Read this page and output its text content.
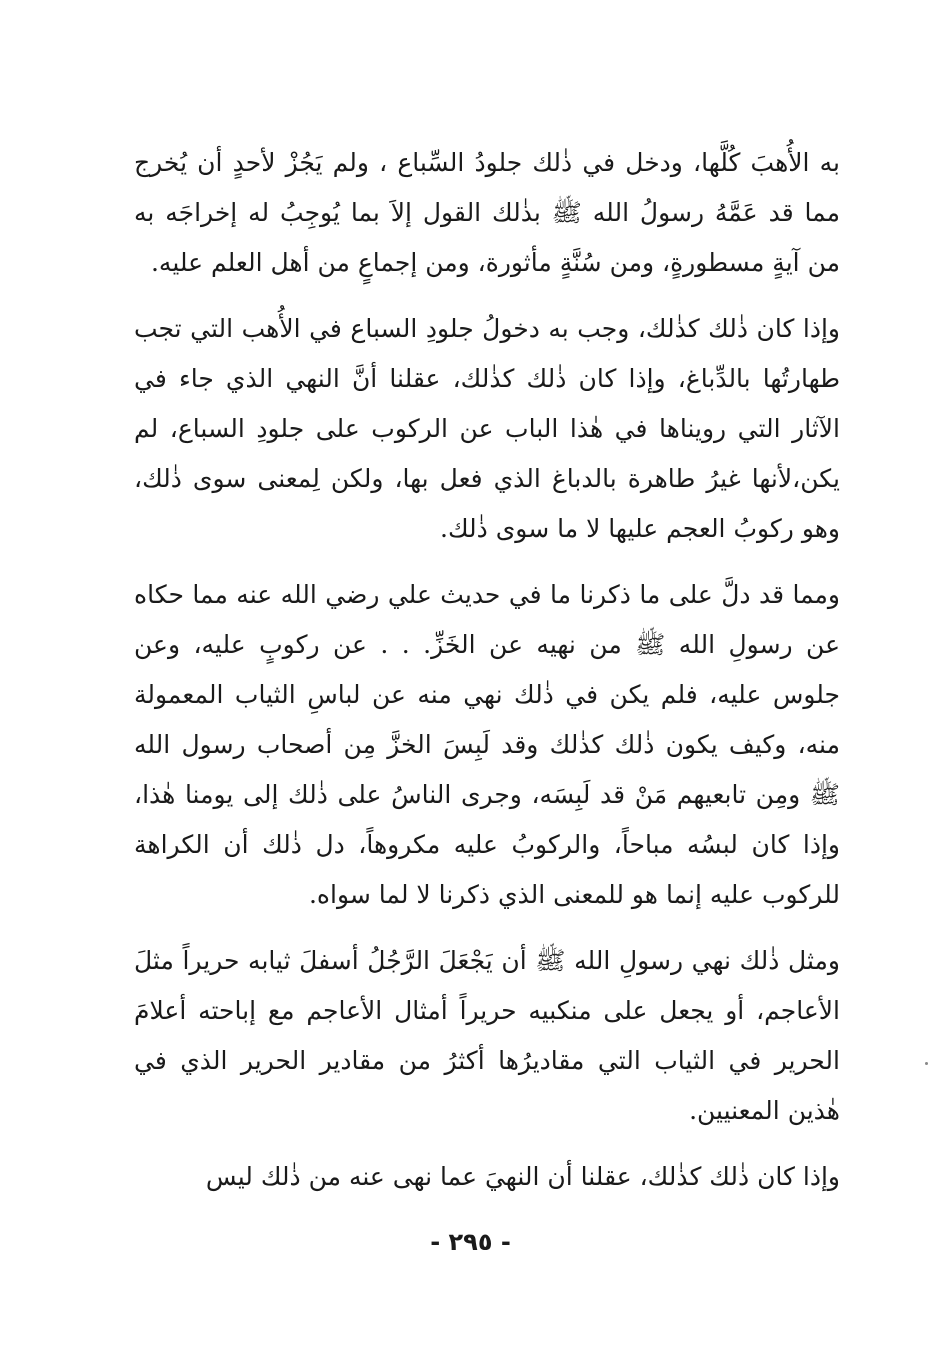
به الأُهبَ كُلَّها، ودخل في ذٰلك جلودُ السِّباع ، ولم يَجُزْ لأحدٍ أن يُخرج مما قد عَمَّهُ رسولُ الله ﷺ بذٰلك القول إلاَ بما يُوجِبُ له إخراجَه به من آيةٍ مسطورةٍ، ومن سُنَّةٍ مأثورة، ومن إجماعٍ من أهل العلم عليه.

وإذا كان ذٰلك كذٰلك، وجب به دخولُ جلودِ السباع في الأُهب التي تجب طهارتُها بالدِّباغ، وإذا كان ذٰلك كذٰلك، عقلنا أنَّ النهي الذي جاء في الآثار التي رويناها في هٰذا الباب عن الركوب على جلودِ السباع، لم يكن،لأنها غيرُ طاهرة بالدباغ الذي فعل بها، ولكن لِمعنى سوى ذٰلك، وهو ركوبُ العجم عليها لا ما سوى ذٰلك.

ومما قد دلَّ على ما ذكرنا ما في حديث علي رضي الله عنه مما حكاه عن رسولِ الله ﷺ من نهيه عن الخَزِّ. . . عن ركوبٍ عليه، وعن جلوس عليه، فلم يكن في ذٰلك نهي منه عن لباسِ الثياب المعمولة منه، وكيف يكون ذٰلك كذٰلك وقد لَبِسَ الخزَّ مِن أصحاب رسول الله ﷺ ومِن تابعيهم مَنْ قد لَبِسَه، وجرى الناسُ على ذٰلك إلى يومنا هٰذا، وإذا كان لبسُه مباحاً، والركوبُ عليه مكروهاً، دل ذٰلك أن الكراهة للركوب عليه إنما هو للمعنى الذي ذكرنا لا لما سواه.

ومثل ذٰلك نهي رسولِ الله ﷺ أن يَجْعَلَ الرَّجُلُ أسفلَ ثيابه حريراً مثلَ الأعاجم، أو يجعل على منكبيه حريراً أمثال الأعاجم مع إباحته أعلامَ الحرير في الثياب التي مقاديرُها أكثرُ من مقادير الحرير الذي في هٰذين المعنيين.

وإذا كان ذٰلك كذٰلك، عقلنا أن النهيَ عما نهى عنه من ذٰلك ليس

- ٢٩٥ -
